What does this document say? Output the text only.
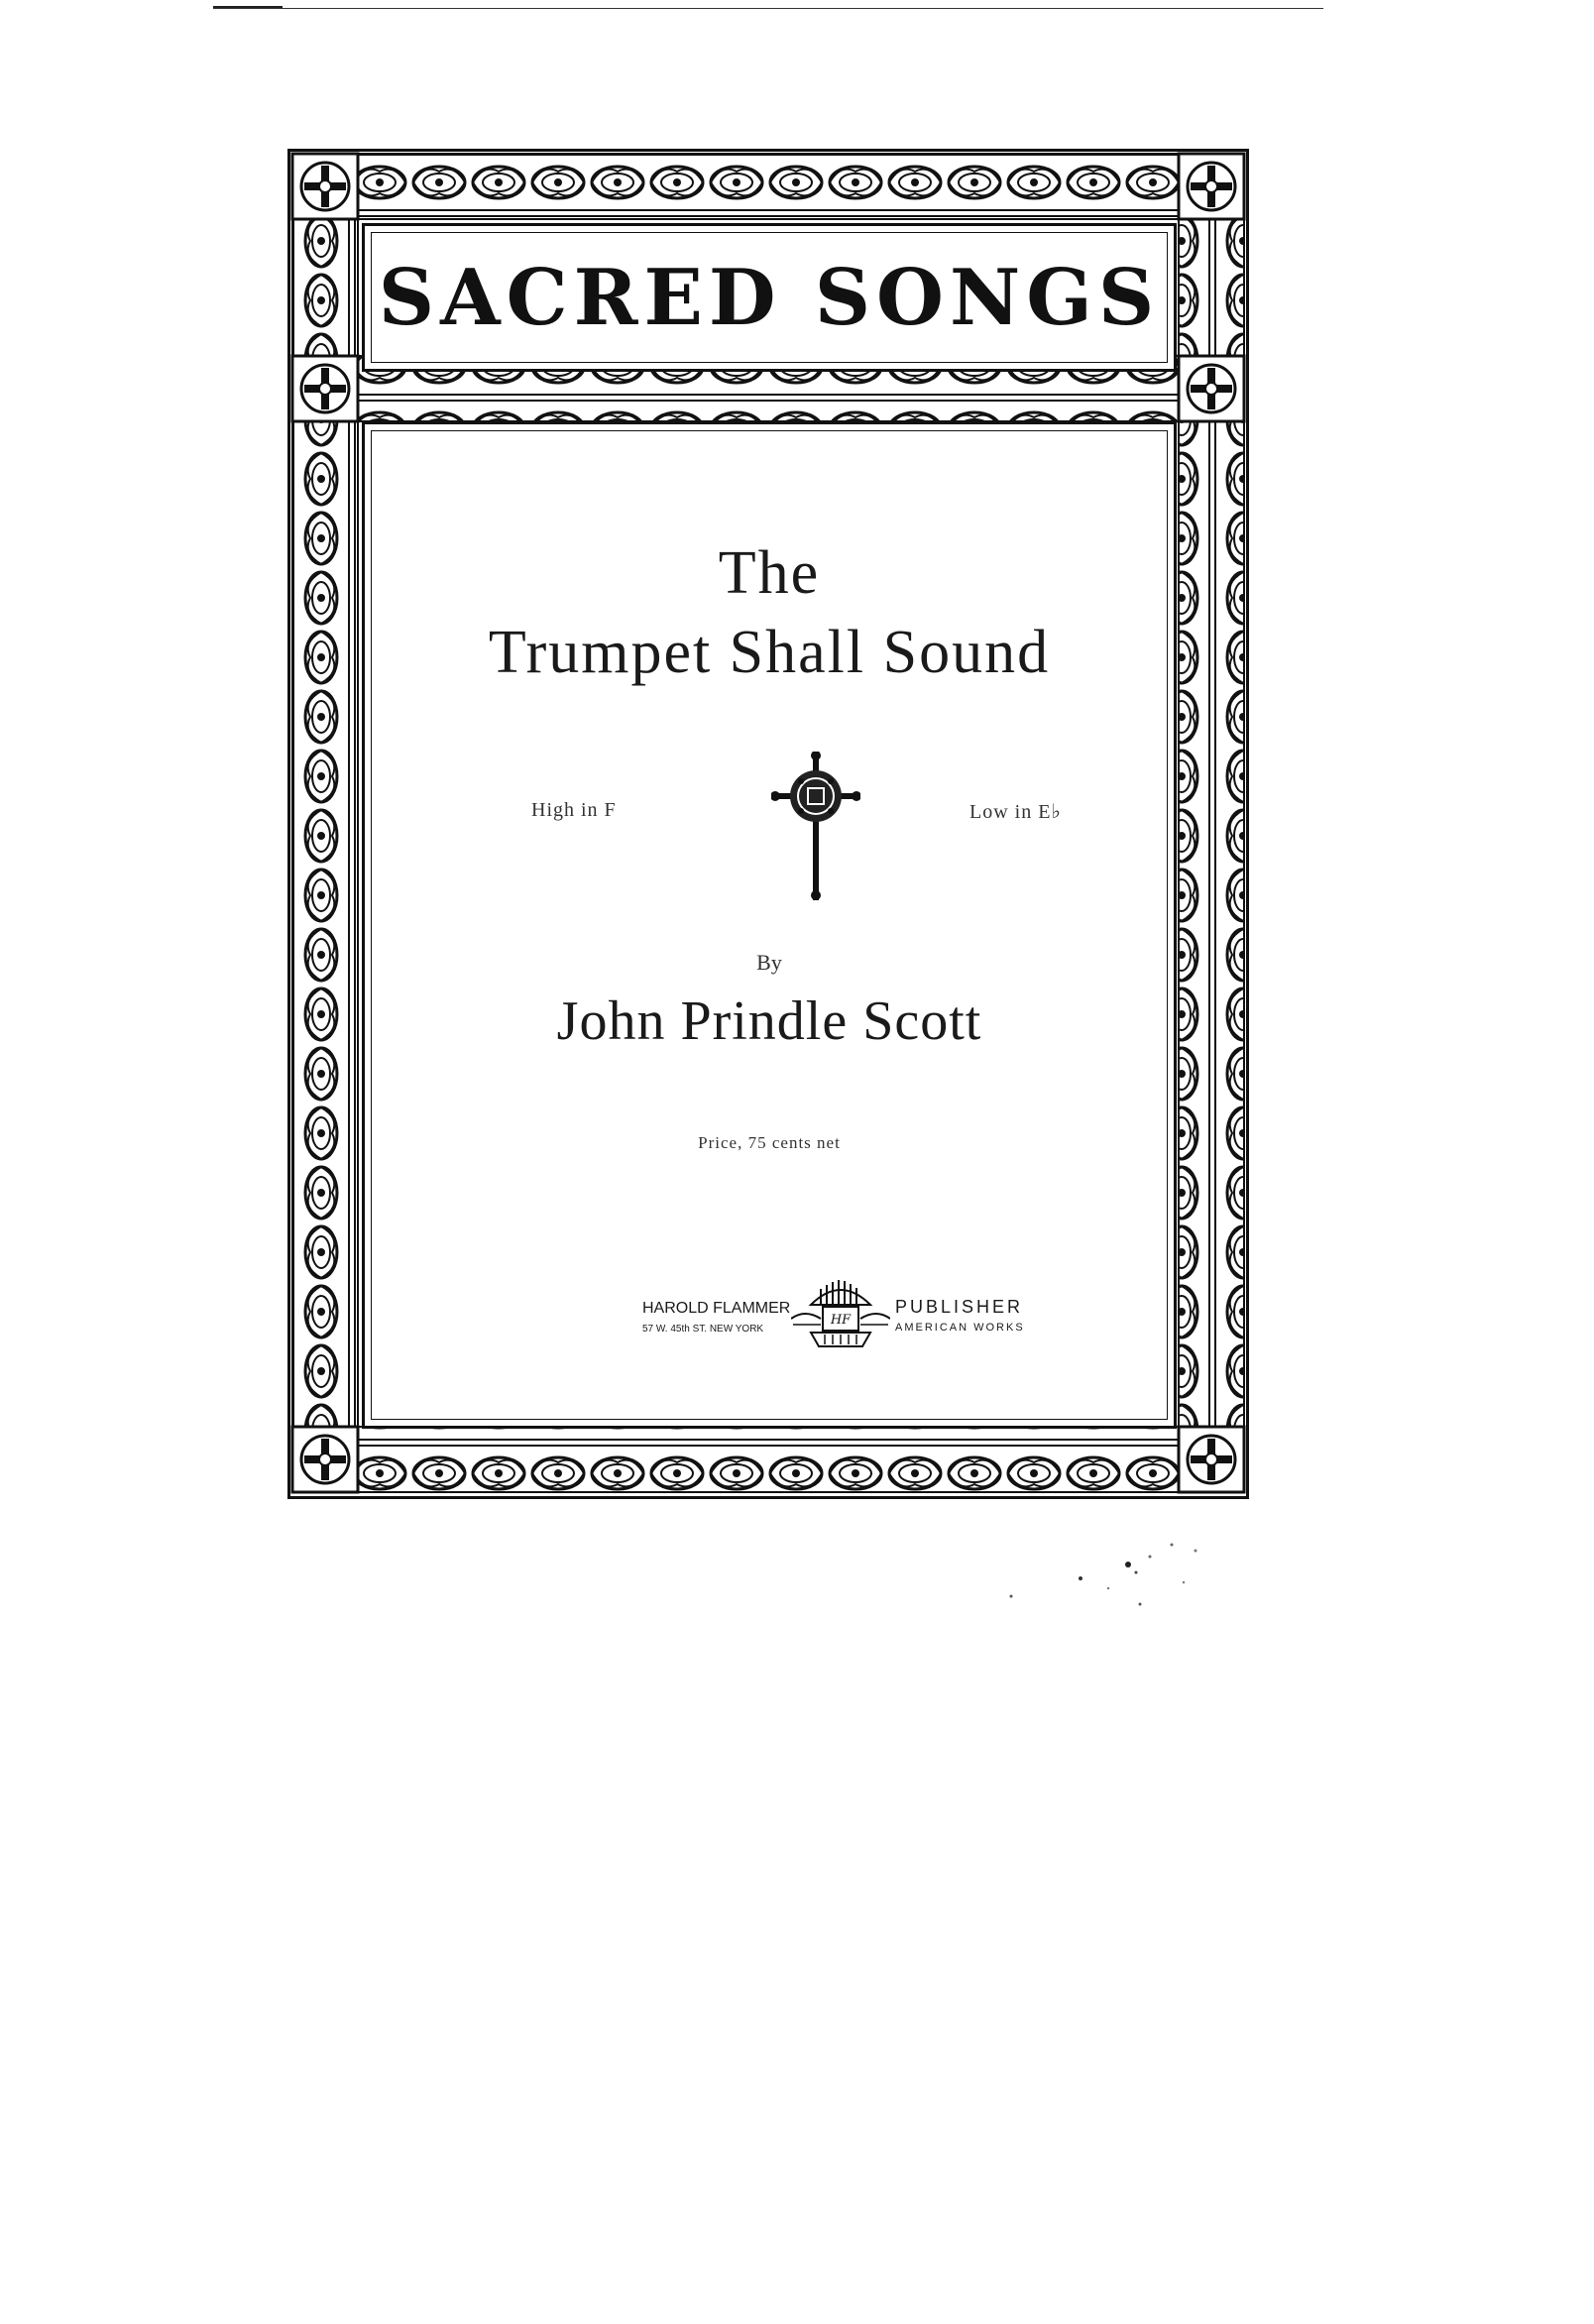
SACRED SONGS
The
Trumpet Shall Sound
High in F	Low in E♭
By
John Prindle Scott
Price, 75 cents net
HAROLD FLAMMER
57 W. 45th ST. NEW YORK
HF
PUBLISHER
AMERICAN WORKS
